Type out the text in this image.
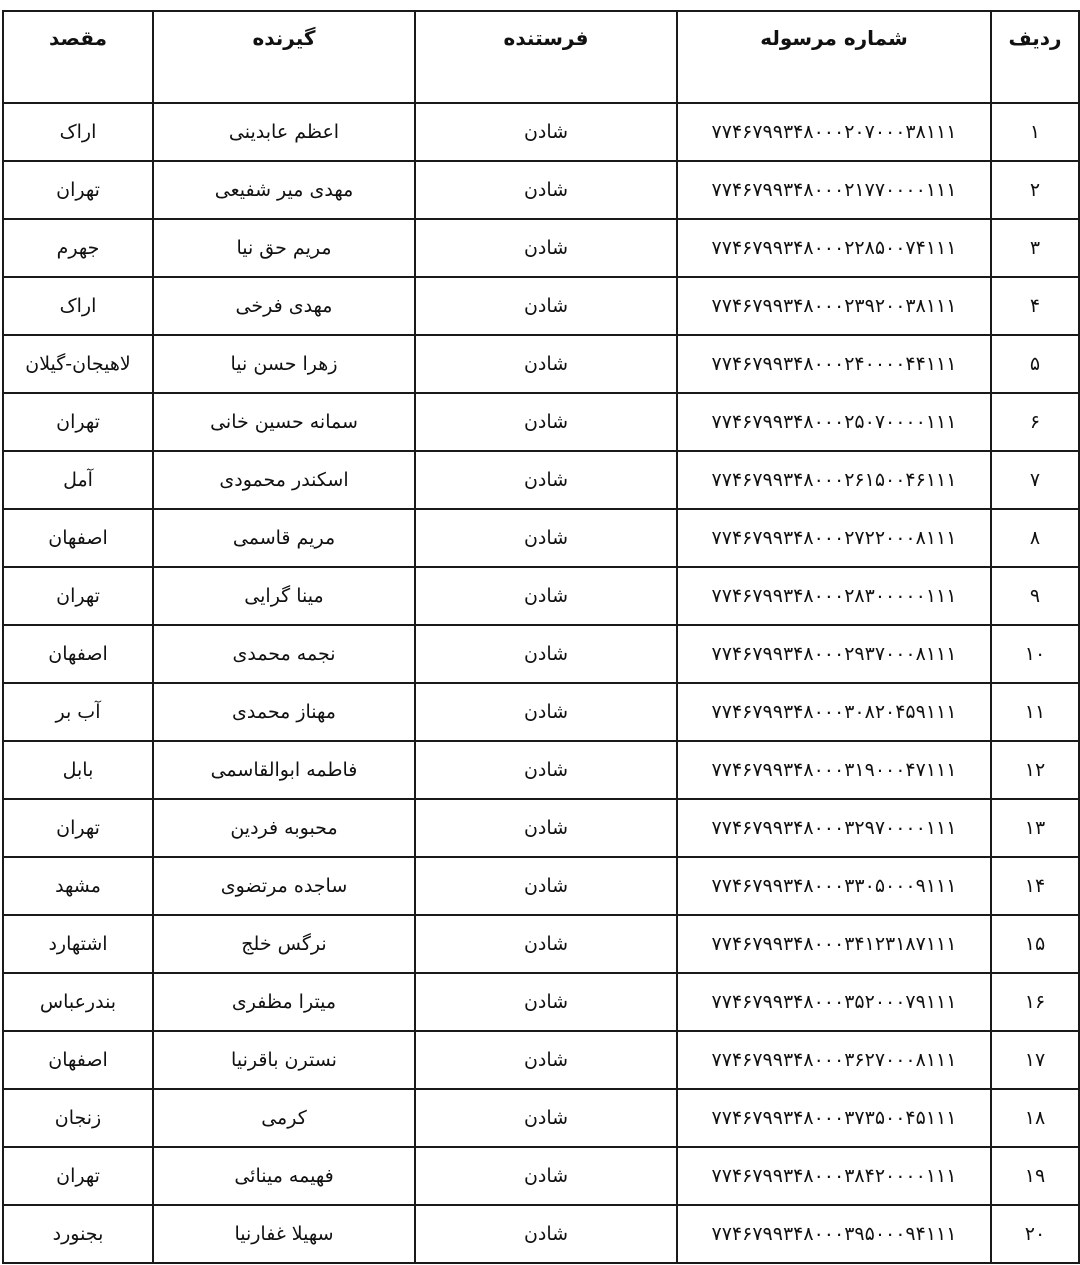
ردیف	شماره مرسوله	فرستنده	گیرنده	مقصد
۱	۷۷۴۶۷۹۹۳۴۸۰۰۰۲۰۷۰۰۰۳۸۱۱۱	شادن	اعظم عابدینی	اراک
۲	۷۷۴۶۷۹۹۳۴۸۰۰۰۲۱۷۷۰۰۰۰۱۱۱	شادن	مهدی میر شفیعی	تهران
۳	۷۷۴۶۷۹۹۳۴۸۰۰۰۲۲۸۵۰۰۷۴۱۱۱	شادن	مریم حق نیا	جهرم
۴	۷۷۴۶۷۹۹۳۴۸۰۰۰۲۳۹۲۰۰۳۸۱۱۱	شادن	مهدی فرخی	اراک
۵	۷۷۴۶۷۹۹۳۴۸۰۰۰۲۴۰۰۰۰۴۴۱۱۱	شادن	زهرا حسن نیا	لاهیجان-گیلان
۶	۷۷۴۶۷۹۹۳۴۸۰۰۰۲۵۰۷۰۰۰۰۱۱۱	شادن	سمانه حسین خانی	تهران
۷	۷۷۴۶۷۹۹۳۴۸۰۰۰۲۶۱۵۰۰۴۶۱۱۱	شادن	اسکندر محمودی	آمل
۸	۷۷۴۶۷۹۹۳۴۸۰۰۰۲۷۲۲۰۰۰۸۱۱۱	شادن	مریم قاسمی	اصفهان
۹	۷۷۴۶۷۹۹۳۴۸۰۰۰۲۸۳۰۰۰۰۰۱۱۱	شادن	مینا گرایی	تهران
۱۰	۷۷۴۶۷۹۹۳۴۸۰۰۰۲۹۳۷۰۰۰۸۱۱۱	شادن	نجمه محمدی	اصفهان
۱۱	۷۷۴۶۷۹۹۳۴۸۰۰۰۳۰۸۲۰۴۵۹۱۱۱	شادن	مهناز محمدی	آب بر
۱۲	۷۷۴۶۷۹۹۳۴۸۰۰۰۳۱۹۰۰۰۴۷۱۱۱	شادن	فاطمه ابوالقاسمی	بابل
۱۳	۷۷۴۶۷۹۹۳۴۸۰۰۰۳۲۹۷۰۰۰۰۱۱۱	شادن	محبوبه فردین	تهران
۱۴	۷۷۴۶۷۹۹۳۴۸۰۰۰۳۳۰۵۰۰۰۹۱۱۱	شادن	ساجده مرتضوی	مشهد
۱۵	۷۷۴۶۷۹۹۳۴۸۰۰۰۳۴۱۲۳۱۸۷۱۱۱	شادن	نرگس خلج	اشتهارد
۱۶	۷۷۴۶۷۹۹۳۴۸۰۰۰۳۵۲۰۰۰۷۹۱۱۱	شادن	میترا مظفری	بندرعباس
۱۷	۷۷۴۶۷۹۹۳۴۸۰۰۰۳۶۲۷۰۰۰۸۱۱۱	شادن	نسترن باقرنیا	اصفهان
۱۸	۷۷۴۶۷۹۹۳۴۸۰۰۰۳۷۳۵۰۰۴۵۱۱۱	شادن	کرمی	زنجان
۱۹	۷۷۴۶۷۹۹۳۴۸۰۰۰۳۸۴۲۰۰۰۰۱۱۱	شادن	فهیمه مینائی	تهران
۲۰	۷۷۴۶۷۹۹۳۴۸۰۰۰۳۹۵۰۰۰۹۴۱۱۱	شادن	سهیلا غفارنیا	بجنورد
